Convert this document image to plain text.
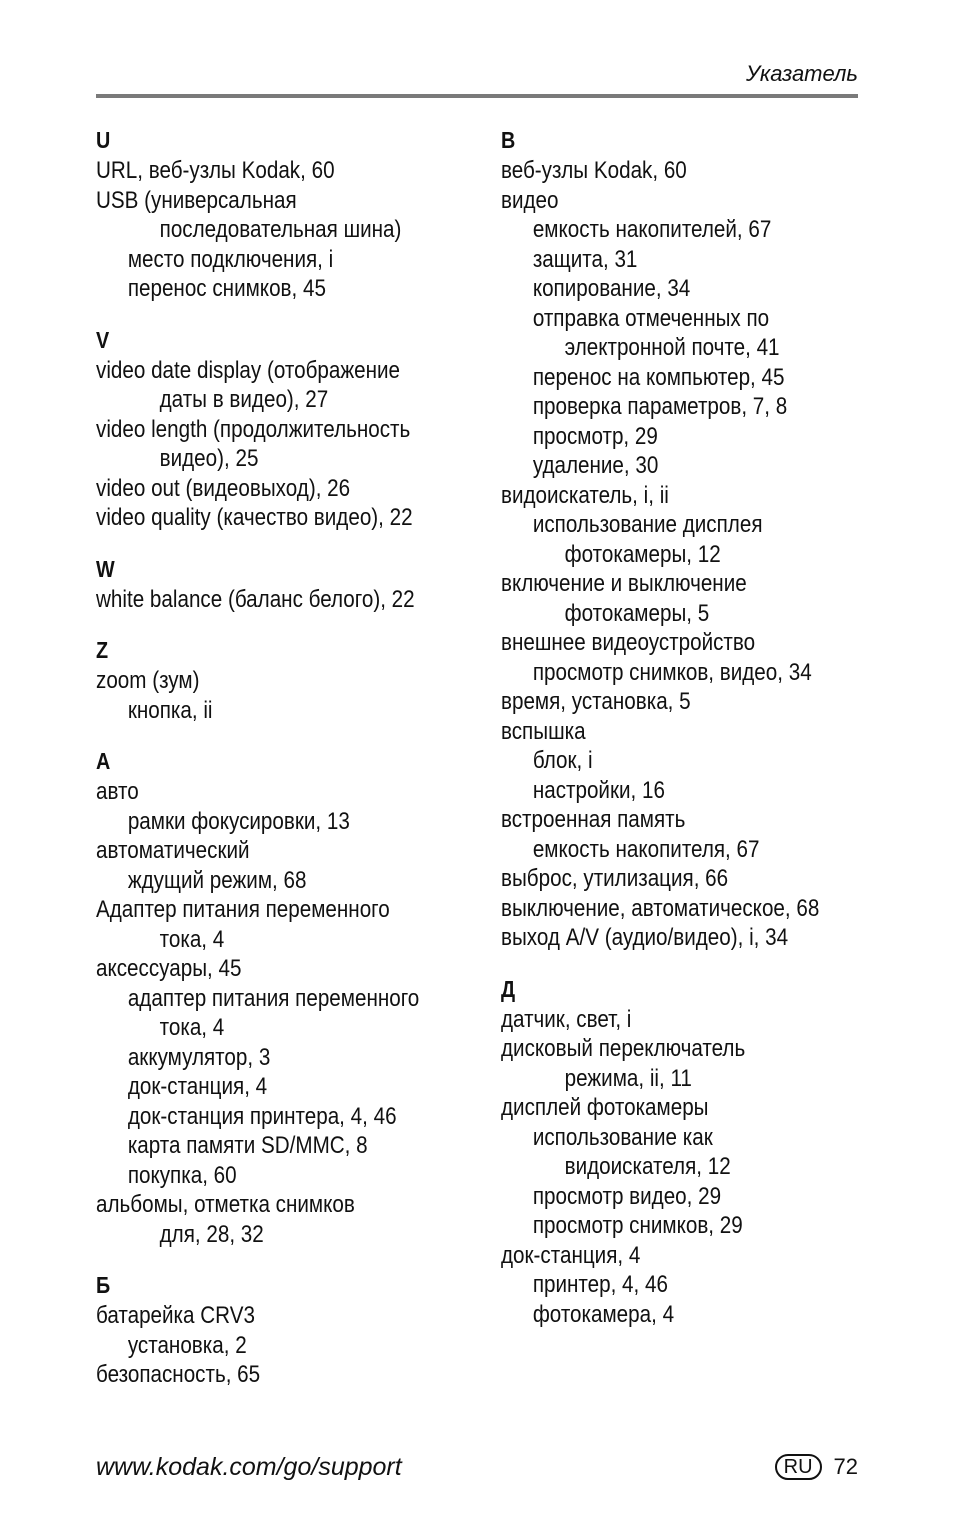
Указатель
U
URL, веб-узлы Kodak, 60
USB (универсальная
последовательная шина)
место подключения, i
перенос снимков, 45
V
video date display (отображение
даты в видео), 27
video length (продолжительность
видео), 25
video out (видеовыход), 26
video quality (качество видео), 22
W
white balance (баланс белого), 22
Z
zoom (зум)
кнопка, ii
А
авто
рамки фокусировки, 13
автоматический
ждущий режим, 68
Адаптер питания переменного
тока, 4
аксессуары, 45
адаптер питания переменного
тока, 4
аккумулятор, 3
док-станция, 4
док-станция принтера, 4, 46
карта памяти SD/MMC, 8
покупка, 60
альбомы, отметка снимков
для, 28, 32
Б
батарейка CRV3
установка, 2
безопасность, 65
В
веб-узлы Kodak, 60
видео
емкость накопителей, 67
защита, 31
копирование, 34
отправка отмеченных по
электронной почте, 41
перенос на компьютер, 45
проверка параметров, 7, 8
просмотр, 29
удаление, 30
видоискатель, i, ii
использование дисплея
фотокамеры, 12
включение и выключение
фотокамеры, 5
внешнее видеоустройство
просмотр снимков, видео, 34
время, установка, 5
вспышка
блок, i
настройки, 16
встроенная память
емкость накопителя, 67
выброс, утилизация, 66
выключение, автоматическое, 68
выход A/V (аудио/видео), i, 34
Д
датчик, свет, i
дисковый переключатель
режима, ii, 11
дисплей фотокамеры
использование как
видоискателя, 12
просмотр видео, 29
просмотр снимков, 29
док-станция, 4
принтер, 4, 46
фотокамера, 4
www.kodak.com/go/support	RU 72
